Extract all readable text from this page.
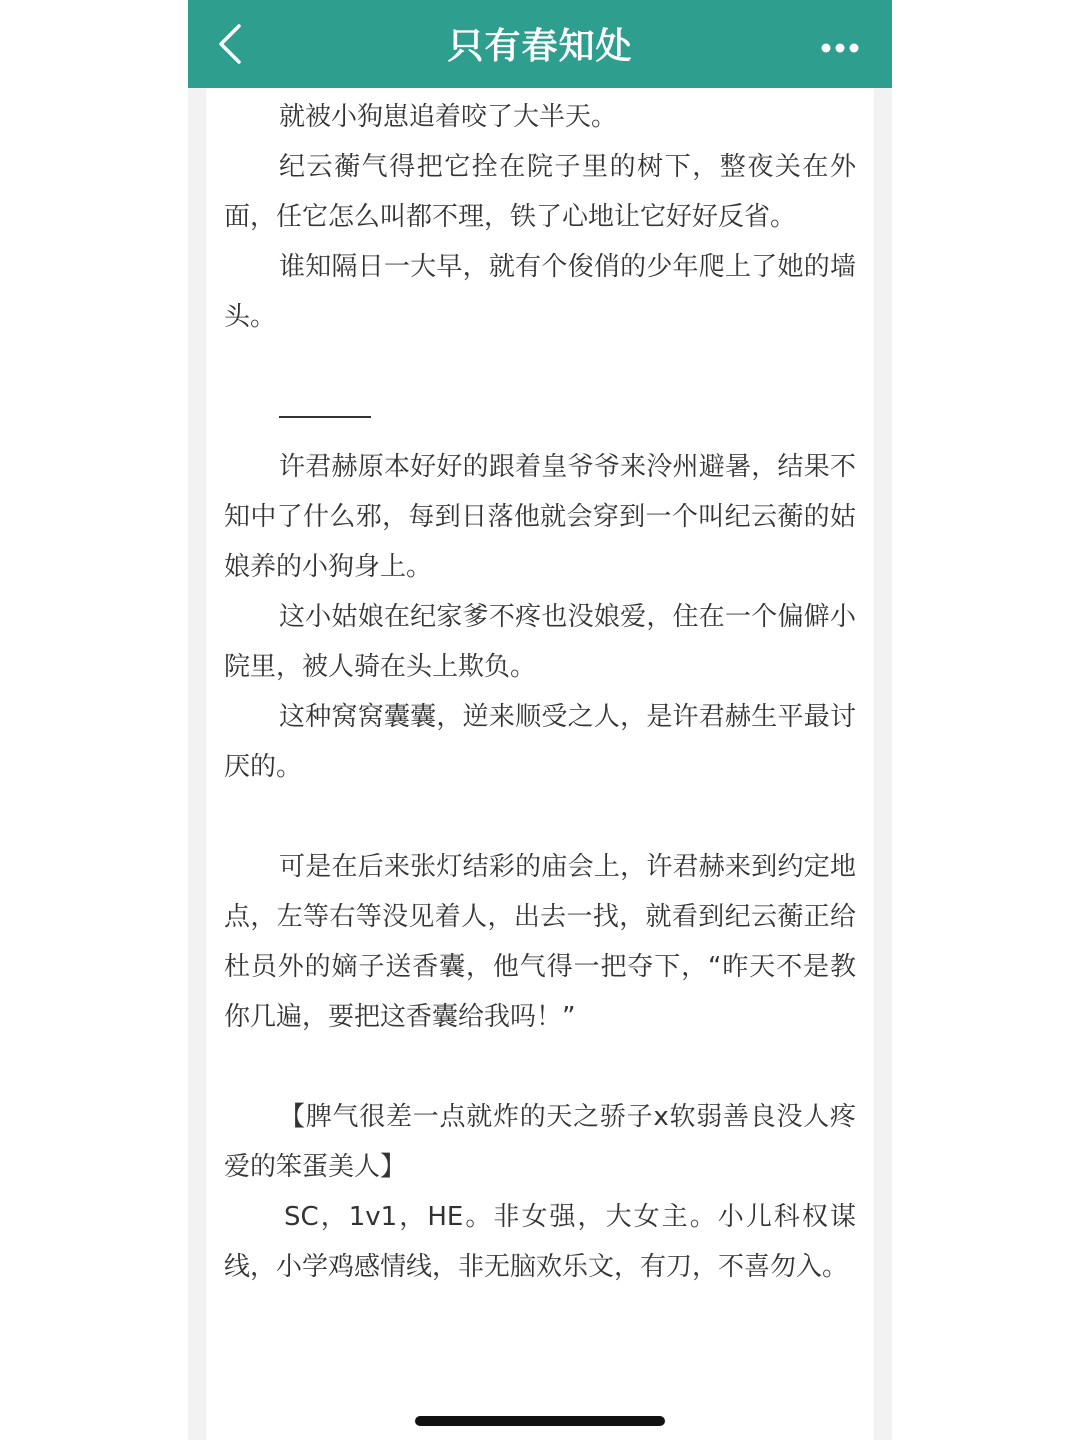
只有春知处

就被小狗崽追着咬了大半天。

纪云蘅气得把它拴在院子里的树下，整夜关在外面，任它怎么叫都不理，铁了心地让它好好反省。

谁知隔日一大早，就有个俊俏的少年爬上了她的墙头。

许君赫原本好好的跟着皇爷爷来泠州避暑，结果不知中了什么邪，每到日落他就会穿到一个叫纪云蘅的姑娘养的小狗身上。

这小姑娘在纪家爹不疼也没娘爱，住在一个偏僻小院里，被人骑在头上欺负。

这种窝窝囊囊，逆来顺受之人，是许君赫生平最讨厌的。

可是在后来张灯结彩的庙会上，许君赫来到约定地点，左等右等没见着人，出去一找，就看到纪云蘅正给杜员外的嫡子送香囊，他气得一把夺下，“昨天不是教你几遍，要把这香囊给我吗！”

【脾气很差一点就炸的天之骄子x软弱善良没人疼爱的笨蛋美人】

SC，1v1，HE。非女强，大女主。小儿科权谋线，小学鸡感情线，非无脑欢乐文，有刀，不喜勿入。
